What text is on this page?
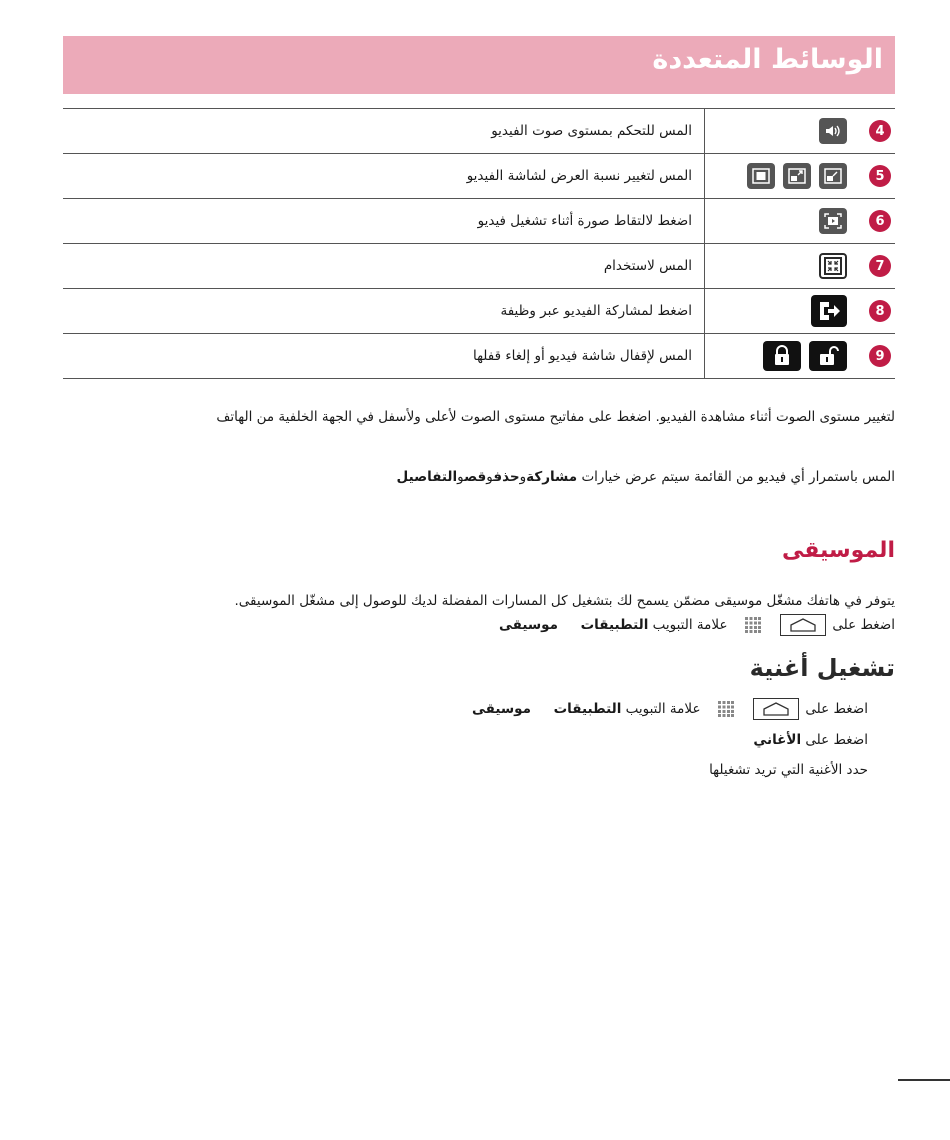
الوسائط المتعددة
4	المس للتحكم بمستوى صوت الفيديو

5	المس لتغيير نسبة العرض لشاشة الفيديو

6	اضغط لالتقاط صورة أثناء تشغيل فيديو

7	المس لاستخدام

8	اضغط لمشاركة الفيديو عبر وظيفة

9	المس لإقفال شاشة فيديو أو إلغاء قفلها
لتغيير مستوى الصوت أثناء مشاهدة الفيديو. اضغط على مفاتيح مستوى الصوت لأعلى ولأسفل في الجهة الخلفية من الهاتف
المس باستمرار أي فيديو من القائمة سيتم عرض خيارات مشاركةوحذفوقصوالتفاصيل
الموسيقى
يتوفر في هاتفك مشغّل موسيقى مضمّن يسمح لك بتشغيل كل المسارات المفضلة لديك للوصول إلى مشغّل الموسيقى.
اضغط على
علامة التبويب التطبيقات  موسيقى
تشغيل أغنية
اضغط على
علامة التبويب التطبيقات  موسيقى
اضغط على الأغاني
حدد الأغنية التي تريد تشغيلها
